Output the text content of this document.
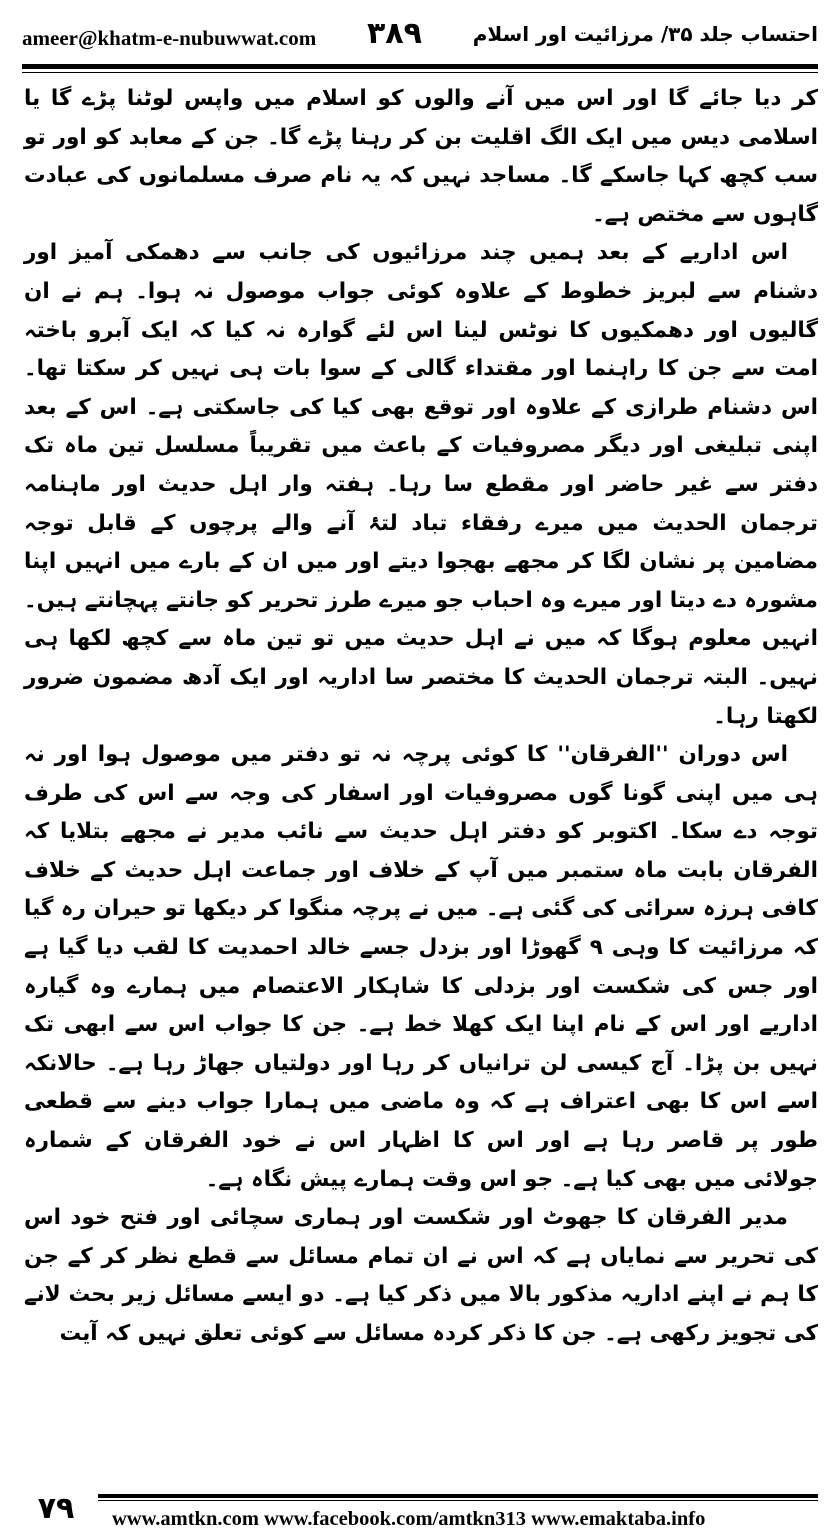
ameer@khatm-e-nubuwwat.com ۳۸۹	احتساب جلد ۳۵/ مرزائیت اور اسلام

کر دیا جائے گا اور اس میں آنے والوں کو اسلام میں واپس لوٹنا پڑے گا یا اسلامی دیس میں ایک الگ اقلیت بن کر رہنا پڑے گا۔ جن کے معابد کو اور تو سب کچھ کہا جاسکے گا۔ مساجد نہیں کہ یہ نام صرف مسلمانوں کی عبادت گاہوں سے مختص ہے۔

اس اداریے کے بعد ہمیں چند مرزائیوں کی جانب سے دھمکی آمیز اور دشنام سے لبریز خطوط کے علاوہ کوئی جواب موصول نہ ہوا۔ ہم نے ان گالیوں اور دھمکیوں کا نوٹس لینا اس لئے گوارہ نہ کیا کہ ایک آبرو باختہ امت سے جن کا راہنما اور مقتداء گالی کے سوا بات ہی نہیں کر سکتا تھا۔ اس دشنام طرازی کے علاوہ اور توقع بھی کیا کی جاسکتی ہے۔ اس کے بعد اپنی تبلیغی اور دیگر مصروفیات کے باعث میں تقریباً مسلسل تین ماہ تک دفتر سے غیر حاضر اور مقطع سا رہا۔ ہفتہ وار اہل حدیث اور ماہنامہ ترجمان الحدیث میں میرے رفقاء تباد لتۂ آنے والے پرچوں کے قابل توجہ مضامین پر نشان لگا کر مجھے بھجوا دیتے اور میں ان کے بارے میں انہیں اپنا مشورہ دے دیتا اور میرے وہ احباب جو میرے طرز تحریر کو جانتے پہچانتے ہیں۔ انہیں معلوم ہوگا کہ میں نے اہل حدیث میں تو تین ماہ سے کچھ لکھا ہی نہیں۔ البتہ ترجمان الحدیث کا مختصر سا اداریہ اور ایک آدھ مضمون ضرور لکھتا رہا۔

اس دوران ''الفرقان'' کا کوئی پرچہ نہ تو دفتر میں موصول ہوا اور نہ ہی میں اپنی گونا گوں مصروفیات اور اسفار کی وجہ سے اس کی طرف توجہ دے سکا۔ اکتوبر کو دفتر اہل حدیث سے نائب مدیر نے مجھے بتلایا کہ الفرقان بابت ماہ ستمبر میں آپ کے خلاف اور جماعت اہل حدیث کے خلاف کافی ہرزہ سرائی کی گئی ہے۔ میں نے پرچہ منگوا کر دیکھا تو حیران رہ گیا کہ مرزائیت کا وہی ۹ گھوڑا اور بزدل جسے خالد احمدیت کا لقب دیا گیا ہے اور جس کی شکست اور بزدلی کا شاہکار الاعتصام میں ہمارے وہ گیارہ اداریے اور اس کے نام اپنا ایک کھلا خط ہے۔ جن کا جواب اس سے ابھی تک نہیں بن پڑا۔ آج کیسی لن ترانیاں کر رہا اور دولتیاں جھاڑ رہا ہے۔ حالانکہ اسے اس کا بھی اعتراف ہے کہ وہ ماضی میں ہمارا جواب دینے سے قطعی طور پر قاصر رہا ہے اور اس کا اظہار اس نے خود الفرقان کے شمارہ جولائی میں بھی کیا ہے۔ جو اس وقت ہمارے پیش نگاہ ہے۔

مدیر الفرقان کا جھوٹ اور شکست اور ہماری سچائی اور فتح خود اس کی تحریر سے نمایاں ہے کہ اس نے ان تمام مسائل سے قطع نظر کر کے جن کا ہم نے اپنے اداریہ مذکور بالا میں ذکر کیا ہے۔ دو ایسے مسائل زیر بحث لانے کی تجویز رکھی ہے۔ جن کا ذکر کردہ مسائل سے کوئی تعلق نہیں کہ آیت

۷۹	www.amtkn.com www.facebook.com/amtkn313 www.emaktaba.info
